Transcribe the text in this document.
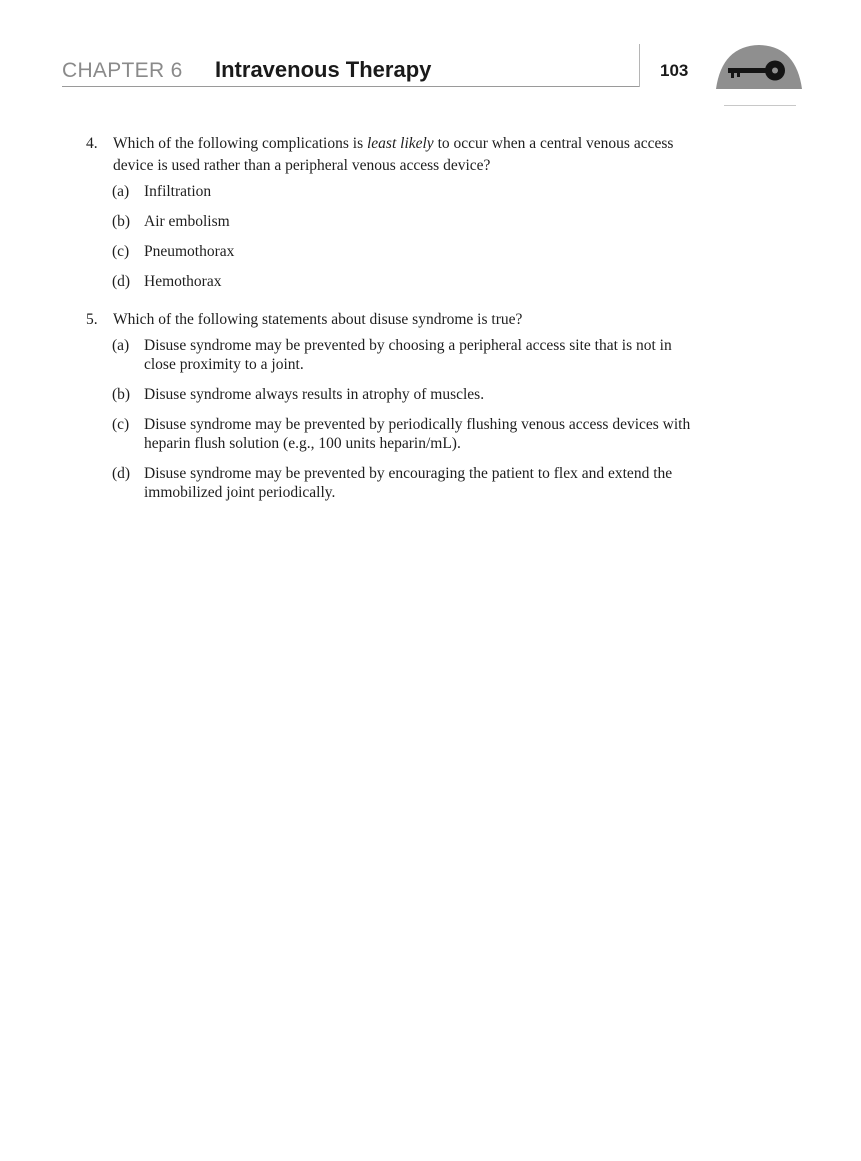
CHAPTER 6 Intravenous Therapy	103
4. Which of the following complications is least likely to occur when a central venous access device is used rather than a peripheral venous access device?
(a) Infiltration
(b) Air embolism
(c) Pneumothorax
(d) Hemothorax
5. Which of the following statements about disuse syndrome is true?
(a) Disuse syndrome may be prevented by choosing a peripheral access site that is not in close proximity to a joint.
(b) Disuse syndrome always results in atrophy of muscles.
(c) Disuse syndrome may be prevented by periodically flushing venous access devices with heparin flush solution (e.g., 100 units heparin/mL).
(d) Disuse syndrome may be prevented by encouraging the patient to flex and extend the immobilized joint periodically.
